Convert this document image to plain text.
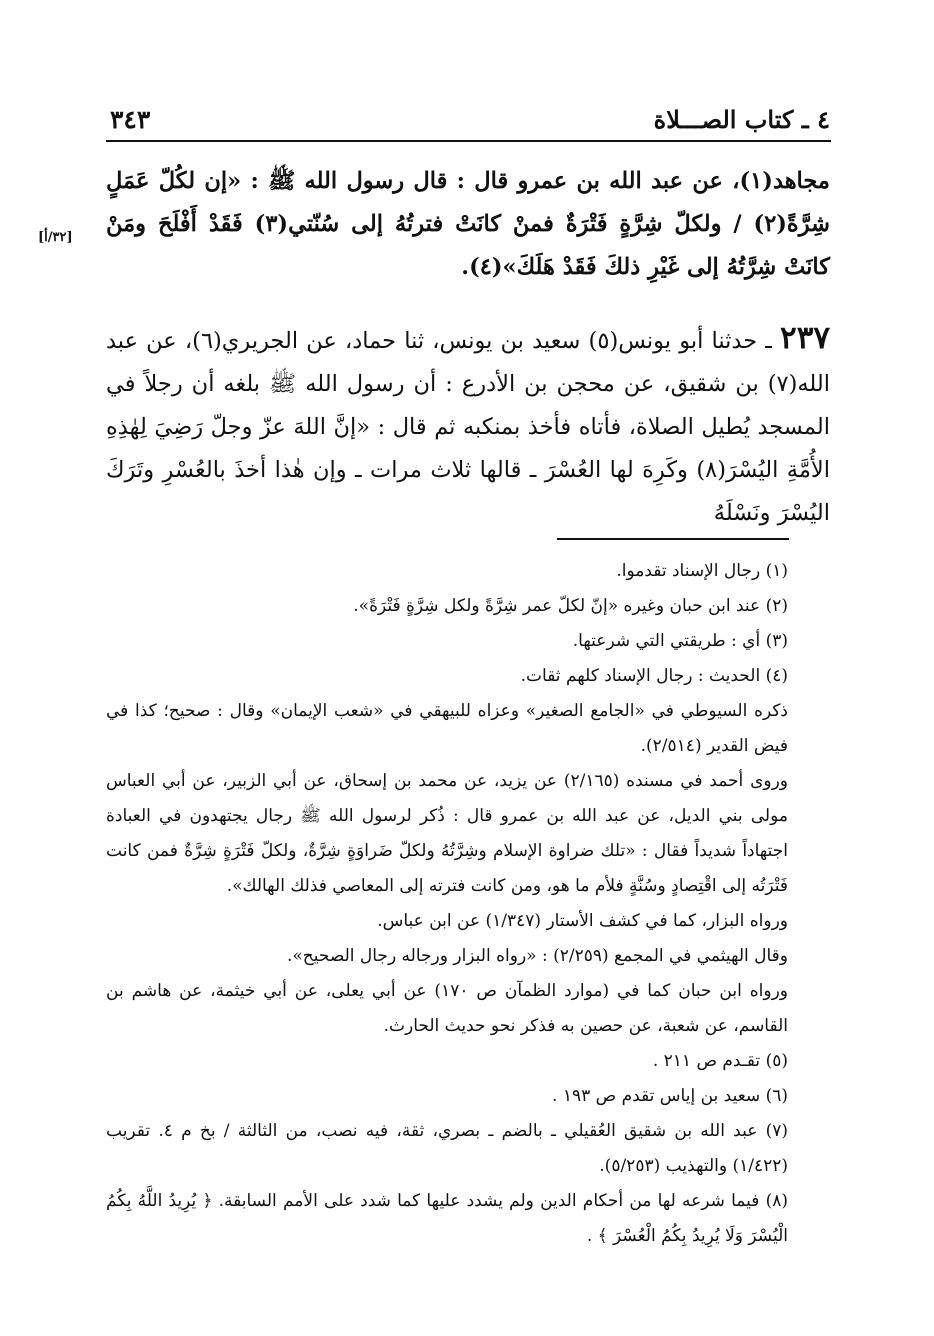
٤ ـ كتاب الصـــلاة
٣٤٣
[٣٢/أ]

مجاهد(١)، عن عبد الله بن عمرو قال : قال رسول الله ﷺ : «إن لكُلّ عَمَلٍ شِرَّةً(٢) / ولكلّ شِرَّةٍ فَتْرَةٌ فمنْ كانَتْ فترتُهُ إلى سُنّتي(٣) فَقَدْ أَفْلَحَ ومَنْ كانَتْ شِرَّتُهُ إلى غَيْرِ ذلكَ فَقَدْ هَلَكَ»(٤).

٢٣٧ ـ حدثنا أبو يونس(٥) سعيد بن يونس، ثنا حماد، عن الجريري(٦)، عن عبد الله(٧) بن شقيق، عن محجن بن الأدرع : أن رسول الله ﷺ بلغه أن رجلاً في المسجد يُطيل الصلاة، فأتاه فأخذ بمنكبه ثم قال : «إنَّ اللهَ عزّ وجلّ رَضِيَ لِهٰذِهِ الأُمَّةِ اليُسْرَ(٨) وكَرِهَ لها العُسْرَ ـ قالها ثلاث مرات ـ وإن هٰذا أخذَ بالعُسْرِ وتَرَكَ اليُسْرَ ونَسْلَهُ

(١) رجال الإسناد تقدموا.

(٢) عند ابن حبان وغيره «إنّ لكلّ عمر شِرَّةً ولكل شِرَّةٍ فَتْرَةً».

(٣) أي : طريقتي التي شرعتها.

(٤) الحديث : رجال الإسناد كلهم ثقات.

ذكره السيوطي في «الجامع الصغير» وعزاه للبيهقي في «شعب الإيمان» وقال : صحيح؛ كذا في فيض القدير (٢/٥١٤).

وروى أحمد في مسنده (٢/١٦٥) عن يزيد، عن محمد بن إسحاق، عن أبي الزبير، عن أبي العباس مولى بني الديل، عن عبد الله بن عمرو قال : ذُكر لرسول الله ﷺ رجال يجتهدون في العبادة اجتهاداً شديداً فقال : «تلك ضراوة الإسلام وشِرَّتُهُ ولكلّ ضَراوَةٍ شِرَّةٌ، ولكلّ فَتْرَةٍ شِرَّةٌ فمن كانت فَتْرَتُه إلى اقْتِصادٍ وسُنَّةٍ فلأم ما هو، ومن كانت فترته إلى المعاصي فذلك الهالك».

ورواه البزار، كما في كشف الأستار (١/٣٤٧) عن ابن عباس.

وقال الهيثمي في المجمع (٢/٢٥٩) : «رواه البزار ورجاله رجال الصحيح».

ورواه ابن حبان كما في (موارد الظمآن ص ١٧٠) عن أبي يعلى، عن أبي خيثمة، عن هاشم بن القاسم، عن شعبة، عن حصين به فذكر نحو حديث الحارث.

(٥) تقـدم ص ٢١١ .

(٦) سعيد بن إياس تقدم ص ١٩٣ .

(٧) عبد الله بن شقيق العُقيلي ـ بالضم ـ بصري، ثقة، فيه نصب، من الثالثة / بخ م ٤. تقريب (١/٤٢٢) والتهذيب (٥/٢٥٣).

(٨) فيما شرعه لها من أحكام الدين ولم يشدد عليها كما شدد على الأمم السابقة. ﴿ يُرِيدُ اللَّهُ بِكُمُ الْيُسْرَ وَلَا يُرِيدُ بِكُمُ الْعُسْرَ ﴾ .
